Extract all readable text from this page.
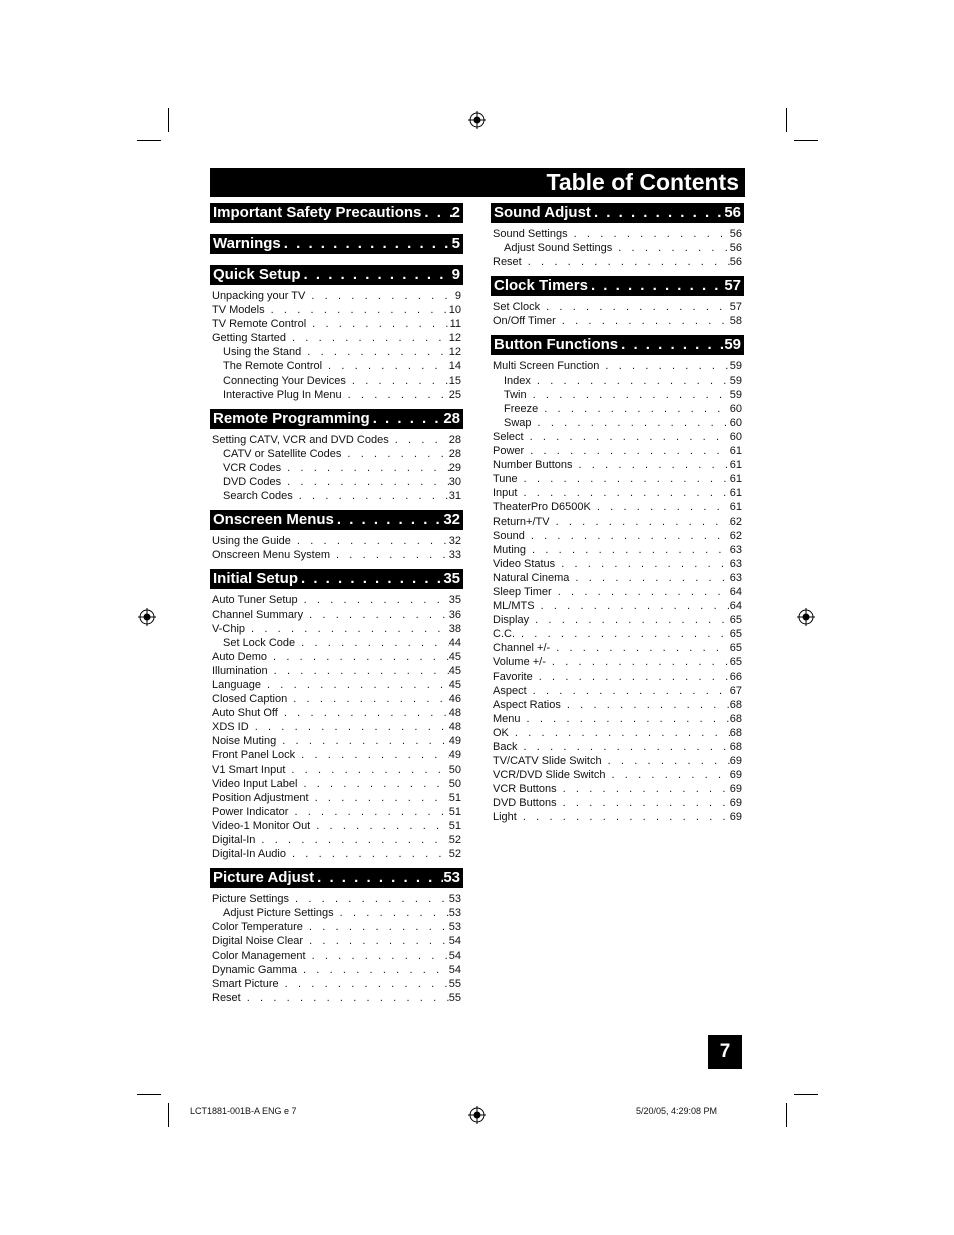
Table of Contents
Important Safety Precautions . . . 2
Warnings . . .	5
Quick Setup . . .	9
Unpacking your TV . . .	9
TV Models . . .	10
TV Remote Control . . .	11
Getting Started . . .	12
Using the Stand . . .	12
The Remote Control . . .	14
Connecting Your Devices . . .	15
Interactive Plug In Menu . . .	25
Remote Programming . . .	28
Setting CATV, VCR and DVD Codes . . .	28
CATV or Satellite Codes . . .	28
VCR Codes . . .	29
DVD Codes . . .	30
Search Codes . . .	31
Onscreen Menus . . .	32
Using the Guide . . .	32
Onscreen Menu System . . .	33
Initial Setup . . .	35
Auto Tuner Setup . . .	35
Channel Summary . . .	36
V-Chip . . .	38
Set Lock Code . . .	44
Auto Demo . . .	45
Illumination . . .	45
Language . . .	45
Closed Caption . . .	46
Auto Shut Off . . .	48
XDS ID . . .	48
Noise Muting . . .	49
Front Panel Lock . . .	49
V1 Smart Input . . .	50
Video Input Label . . .	50
Position Adjustment . . .	51
Power Indicator . . .	51
Video-1 Monitor Out . . .	51
Digital-In . . .	52
Digital-In Audio . . .	52
Picture Adjust . . .	53
Picture Settings . . .	53
Adjust Picture Settings . . .	53
Color Temperature . . .	53
Digital Noise Clear . . .	54
Color Management . . .	54
Dynamic Gamma . . .	54
Smart Picture . . .	55
Reset . . .	55
Sound Adjust . . .	56
Sound Settings . . .	56
Adjust Sound Settings . . .	56
Reset . . .	56
Clock Timers . . .	57
Set Clock . . .	57
On/Off Timer . . .	58
Button Functions . . .	59
Multi Screen Function . . .	59
Index . . .	59
Twin . . .	59
Freeze . . .	60
Swap . . .	60
Select . . .	60
Power . . .	61
Number Buttons . . .	61
Tune . . .	61
Input . . .	61
TheaterPro D6500K . . .	61
Return+/TV . . .	62
Sound . . .	62
Muting . . .	63
Video Status . . .	63
Natural Cinema . . .	63
Sleep Timer . . .	64
ML/MTS . . .	64
Display . . .	65
C.C. . . .	65
Channel +/- . . .	65
Volume +/- . . .	65
Favorite . . .	66
Aspect . . .	67
Aspect Ratios . . .	68
Menu . . .	68
OK . . .	68
Back . . .	68
TV/CATV Slide Switch . . .	69
VCR/DVD Slide Switch . . .	69
VCR Buttons . . .	69
DVD Buttons . . .	69
Light . . .	69
7
LCT1881-001B-A ENG e 7	5/20/05, 4:29:08 PM
